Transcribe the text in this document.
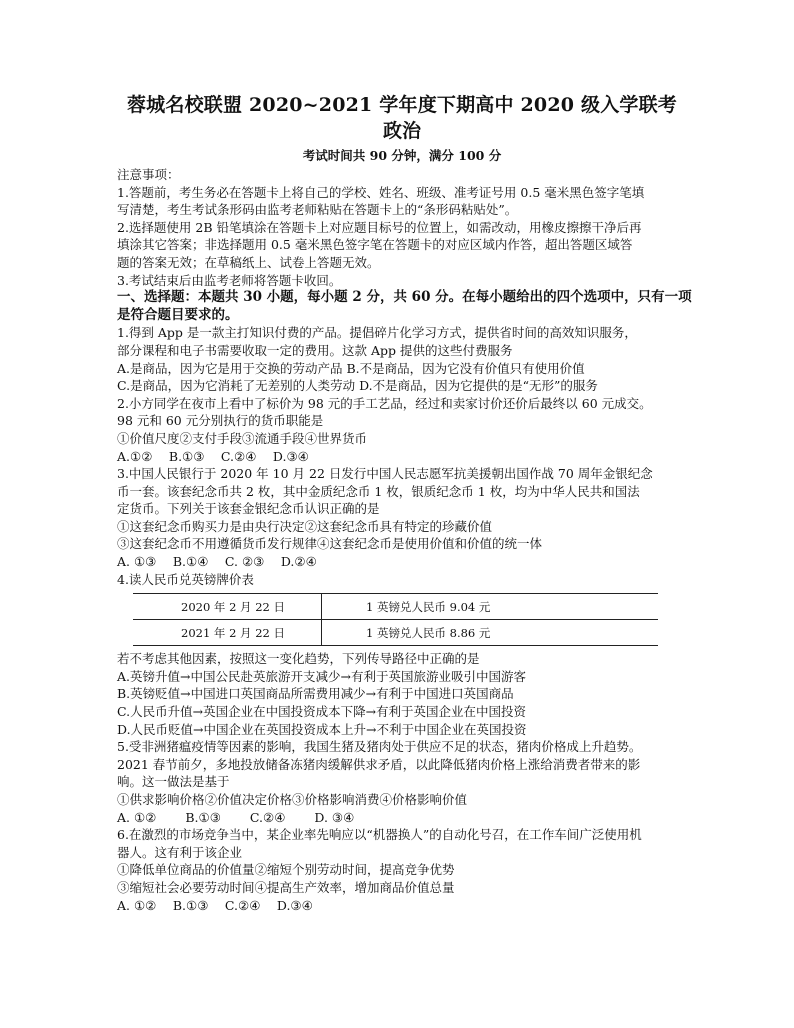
蓉城名校联盟 2020~2021 学年度下期高中 2020 级入学联考
政治
考试时间共 90 分钟，满分 100 分
注意事项：
1.答题前，考生务必在答题卡上将自己的学校、姓名、班级、准考证号用 0.5 毫米黑色签字笔填
写清楚，考生考试条形码由监考老师粘贴在答题卡上的“条形码粘贴处”。
2.选择题使用 2B 铅笔填涂在答题卡上对应题目标号的位置上，如需改动，用橡皮擦擦干净后再
填涂其它答案；非选择题用 0.5 毫米黑色签字笔在答题卡的对应区域内作答，超出答题区域答
题的答案无效；在草稿纸上、试卷上答题无效。
3.考试结束后由监考老师将答题卡收回。
一、选择题：本题共 30 小题，每小题 2 分，共 60 分。在每小题给出的四个选项中，只有一项
是符合题目要求的。
1.得到 App 是一款主打知识付费的产品。提倡碎片化学习方式，提供省时间的高效知识服务，
部分课程和电子书需要收取一定的费用。这款 App 提供的这些付费服务
A.是商品，因为它是用于交换的劳动产品 B.不是商品，因为它没有价值只有使用价值
C.是商品，因为它消耗了无差别的人类劳动 D.不是商品，因为它提供的是“无形”的服务
2.小方同学在夜市上看中了标价为 98 元的手工艺品，经过和卖家讨价还价后最终以 60 元成交。
98 元和 60 元分别执行的货币职能是
①价值尺度②支付手段③流通手段④世界货币
A.①②　 B.①③　 C.②④　 D.③④
3.中国人民银行于 2020 年 10 月 22 日发行中国人民志愿军抗美援朝出国作战 70 周年金银纪念
币一套。该套纪念币共 2 枚，其中金质纪念币 1 枚，银质纪念币 1 枚，均为中华人民共和国法
定货币。下列关于该套金银纪念币认识正确的是
①这套纪念币购买力是由央行决定②这套纪念币具有特定的珍藏价值
③这套纪念币不用遵循货币发行规律④这套纪念币是使用价值和价值的统一体
A. ①③　 B.①④　 C. ②③　 D.②④
4.读人民币兑英镑牌价表
2020 年 2 月 22 日	1 英镑兑人民币 9.04 元
2021 年 2 月 22 日	1 英镑兑人民币 8.86 元
若不考虑其他因素，按照这一变化趋势，下列传导路径中正确的是
A.英镑升值→中国公民赴英旅游开支减少→有利于英国旅游业吸引中国游客
B.英镑贬值→中国进口英国商品所需费用减少→有利于中国进口英国商品
C.人民币升值→英国企业在中国投资成本下降→有利于英国企业在中国投资
D.人民币贬值→中国企业在英国投资成本上升→不利于中国企业在英国投资
5.受非洲猪瘟疫情等因素的影响，我国生猪及猪肉处于供应不足的状态，猪肉价格成上升趋势。
2021 春节前夕，多地投放储备冻猪肉缓解供求矛盾，以此降低猪肉价格上涨给消费者带来的影
响。这一做法是基于
①供求影响价格②价值决定价格③价格影响消费④价格影响价值
A. ①②　　 B.①③　　 C.②④　　 D. ③④
6.在激烈的市场竞争当中，某企业率先响应以“机器换人”的自动化号召，在工作车间广泛使用机
器人。这有利于该企业
①降低单位商品的价值量②缩短个别劳动时间，提高竞争优势
③缩短社会必要劳动时间④提高生产效率，增加商品价值总量
A. ①②　 B.①③　 C.②④　 D.③④
